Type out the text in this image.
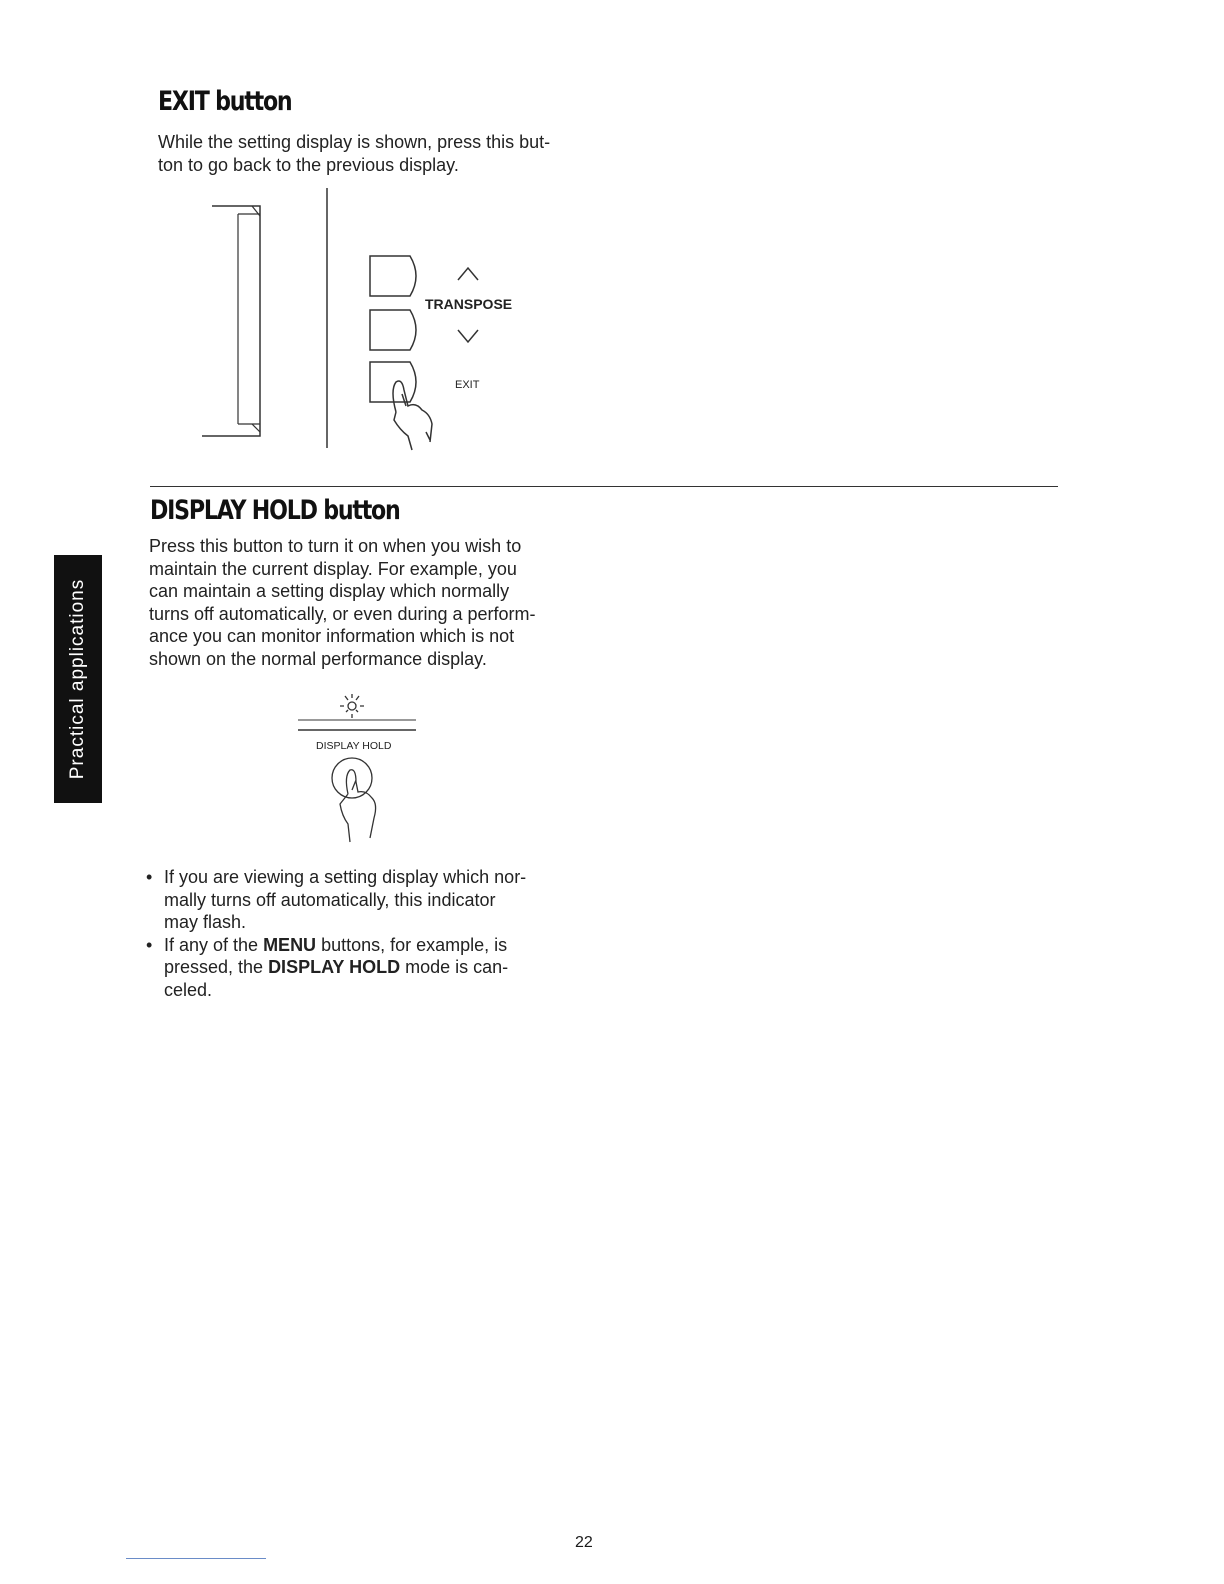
EXIT button

While the setting display is shown, press this but-

ton to go back to the previous display.

TRANSPOSE
EXIT
DISPLAY HOLD button

Press this button to turn it on when you wish to

maintain the current display. For example, you

can maintain a setting display which normally

turns off automatically, or even during a perform-

ance you can monitor information which is not

shown on the normal performance display.

DISPLAY HOLD
• If you are viewing a setting display which nor-

mally turns off automatically, this indicator

may flash.

• If any of the MENU buttons, for example, is

pressed, the DISPLAY HOLD mode is can-

celed.

Practical applications
22
